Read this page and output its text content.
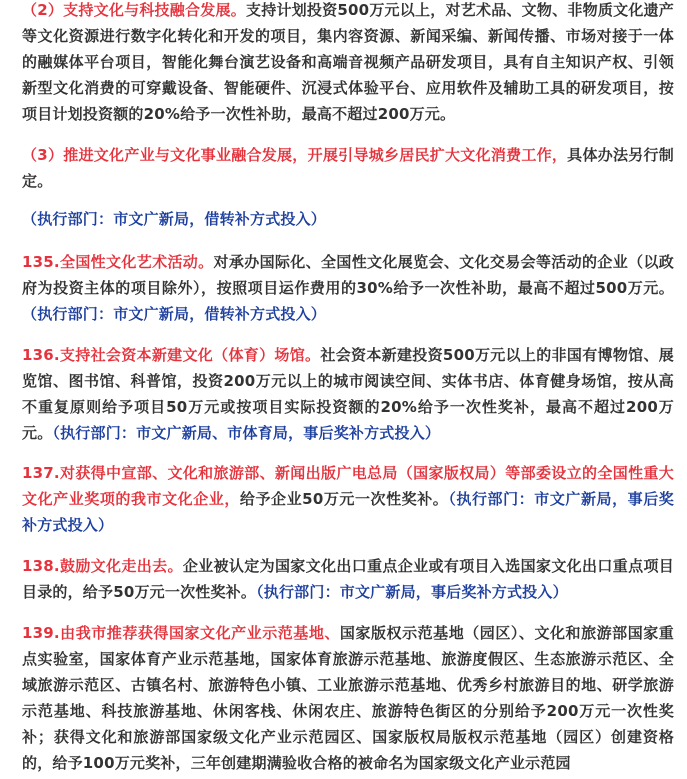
（2）支持文化与科技融合发展。支持计划投资500万元以上，对艺术品、文物、非物质文化遗产等文化资源进行数字化转化和开发的项目，集内容资源、新闻采编、新闻传播、市场对接于一体的融媒体平台项目，智能化舞台演艺设备和高端音视频产品研发项目，具有自主知识产权、引领新型文化消费的可穿戴设备、智能硬件、沉浸式体验平台、应用软件及辅助工具的研发项目，按项目计划投资额的20%给予一次性补助，最高不超过200万元。

（3）推进文化产业与文化事业融合发展，开展引导城乡居民扩大文化消费工作，具体办法另行制定。

（执行部门：市文广新局，借转补方式投入）

135.全国性文化艺术活动。对承办国际化、全国性文化展览会、文化交易会等活动的企业（以政府为投资主体的项目除外），按照项目运作费用的30%给予一次性补助，最高不超过500万元。（执行部门：市文广新局，借转补方式投入）

136.支持社会资本新建文化（体育）场馆。社会资本新建投资500万元以上的非国有博物馆、展览馆、图书馆、科普馆，投资200万元以上的城市阅读空间、实体书店、体育健身场馆，按从高不重复原则给予项目50万元或按项目实际投资额的20%给予一次性奖补，最高不超过200万元。（执行部门：市文广新局、市体育局，事后奖补方式投入）

137.对获得中宣部、文化和旅游部、新闻出版广电总局（国家版权局）等部委设立的全国性重大文化产业奖项的我市文化企业，给予企业50万元一次性奖补。（执行部门：市文广新局，事后奖补方式投入）

138.鼓励文化走出去。企业被认定为国家文化出口重点企业或有项目入选国家文化出口重点项目目录的，给予50万元一次性奖补。（执行部门：市文广新局，事后奖补方式投入）

139.由我市推荐获得国家文化产业示范基地、国家版权示范基地（园区）、文化和旅游部国家重点实验室，国家体育产业示范基地，国家体育旅游示范基地、旅游度假区、生态旅游示范区、全域旅游示范区、古镇名村、旅游特色小镇、工业旅游示范基地、优秀乡村旅游目的地、研学旅游示范基地、科技旅游基地、休闲客栈、休闲农庄、旅游特色街区的分别给予200万元一次性奖补；获得文化和旅游部国家级文化产业示范园区、国家版权局版权示范基地（园区）创建资格的，给予100万元奖补，三年创建期满验收合格的被命名为国家级文化产业示范园
